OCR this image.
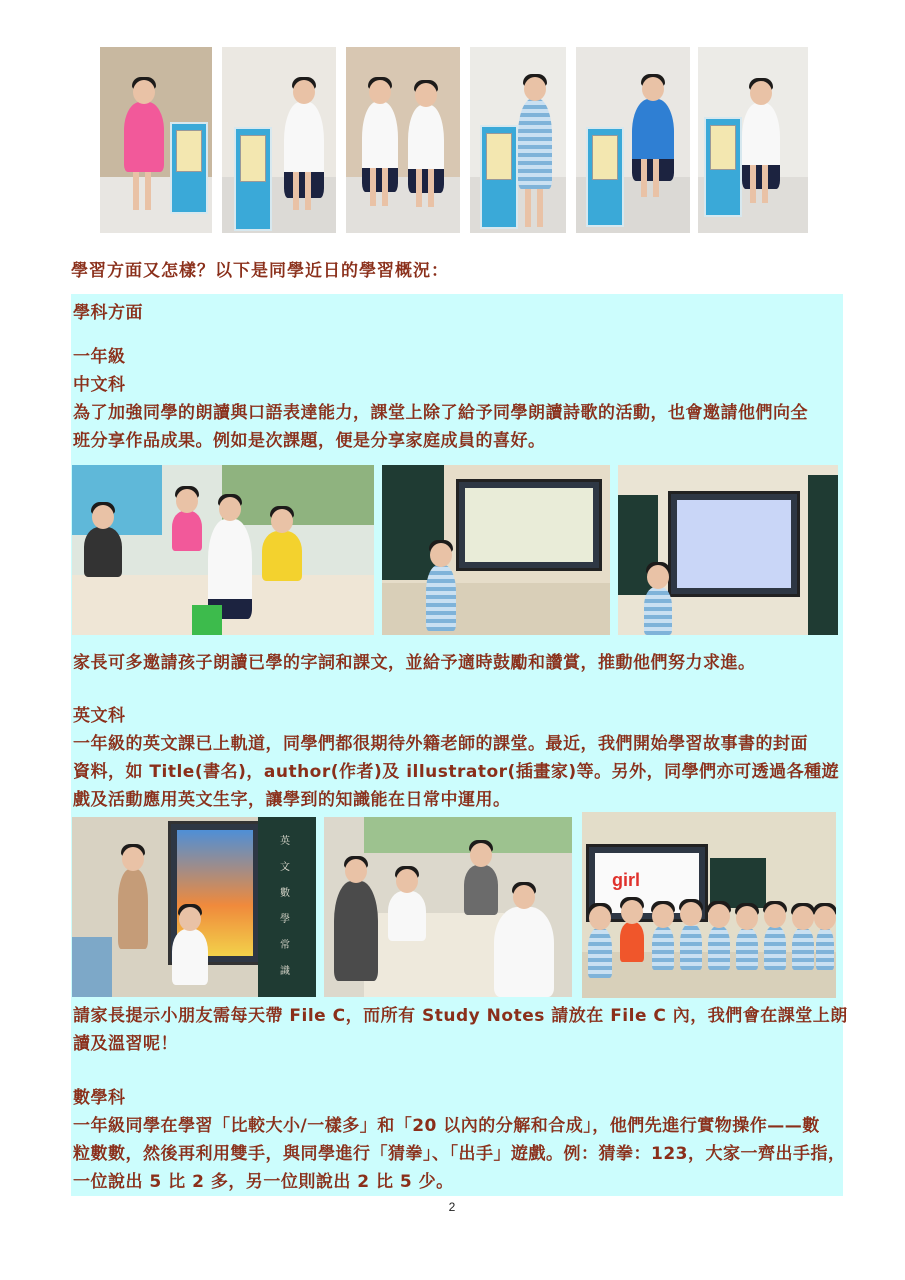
學習方面又怎樣？以下是同學近日的學習概況：
學科方面
一年級
中文科
為了加強同學的朗讀與口語表達能力，課堂上除了給予同學朗讀詩歌的活動，也會邀請他們向全
班分享作品成果。例如是次課題，便是分享家庭成員的喜好。
家長可多邀請孩子朗讀已學的字詞和課文，並給予適時鼓勵和讚賞，推動他們努力求進。
英文科
一年級的英文課已上軌道，同學們都很期待外籍老師的課堂。最近，我們開始學習故事書的封面
資料，如 Title(書名)，author(作者)及 illustrator(插畫家)等。另外，同學們亦可透過各種遊
戲及活動應用英文生字，讓學到的知識能在日常中運用。
英 文 數 學 常 識
girl
請家長提示小朋友需每天帶 File C，而所有 Study Notes 請放在 File C 內，我們會在課堂上朗
讀及溫習呢！
數學科
一年級同學在學習「比較大小/一樣多」和「20 以內的分解和合成」，他們先進行實物操作——數
粒數數，然後再利用雙手，與同學進行「猜拳」、「出手」遊戲。例：猜拳：123，大家一齊出手指，
一位說出 5 比 2 多，另一位則說出 2 比 5 少。
2
